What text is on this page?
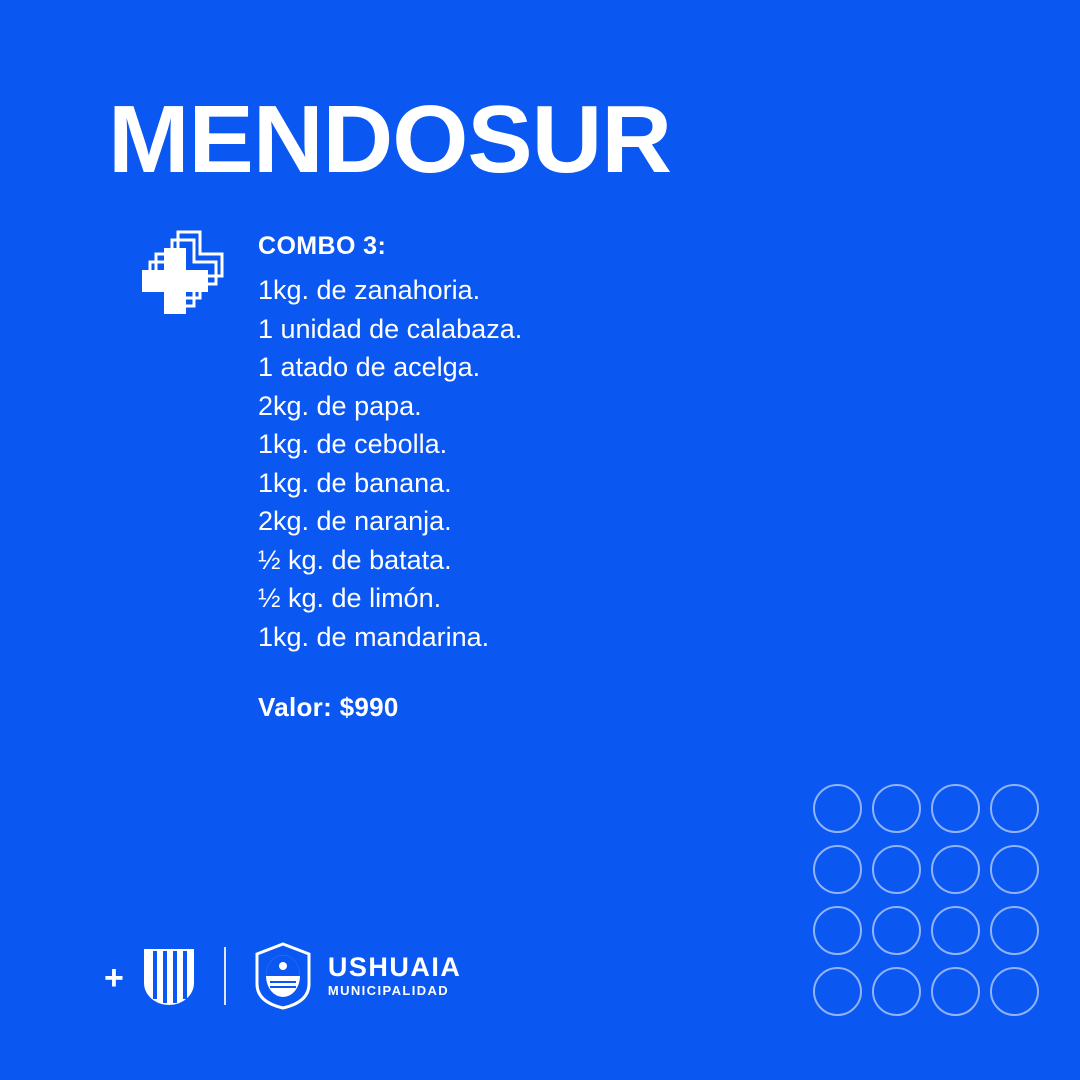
MENDOSUR
COMBO 3:
1kg. de zanahoria.
1 unidad de calabaza.
1 atado de acelga.
2kg. de papa.
1kg. de cebolla.
1kg. de banana.
2kg. de naranja.
½ kg. de batata.
½ kg. de limón.
1kg. de mandarina.
Valor: $990
+	USHUAIA
MUNICIPALIDAD
